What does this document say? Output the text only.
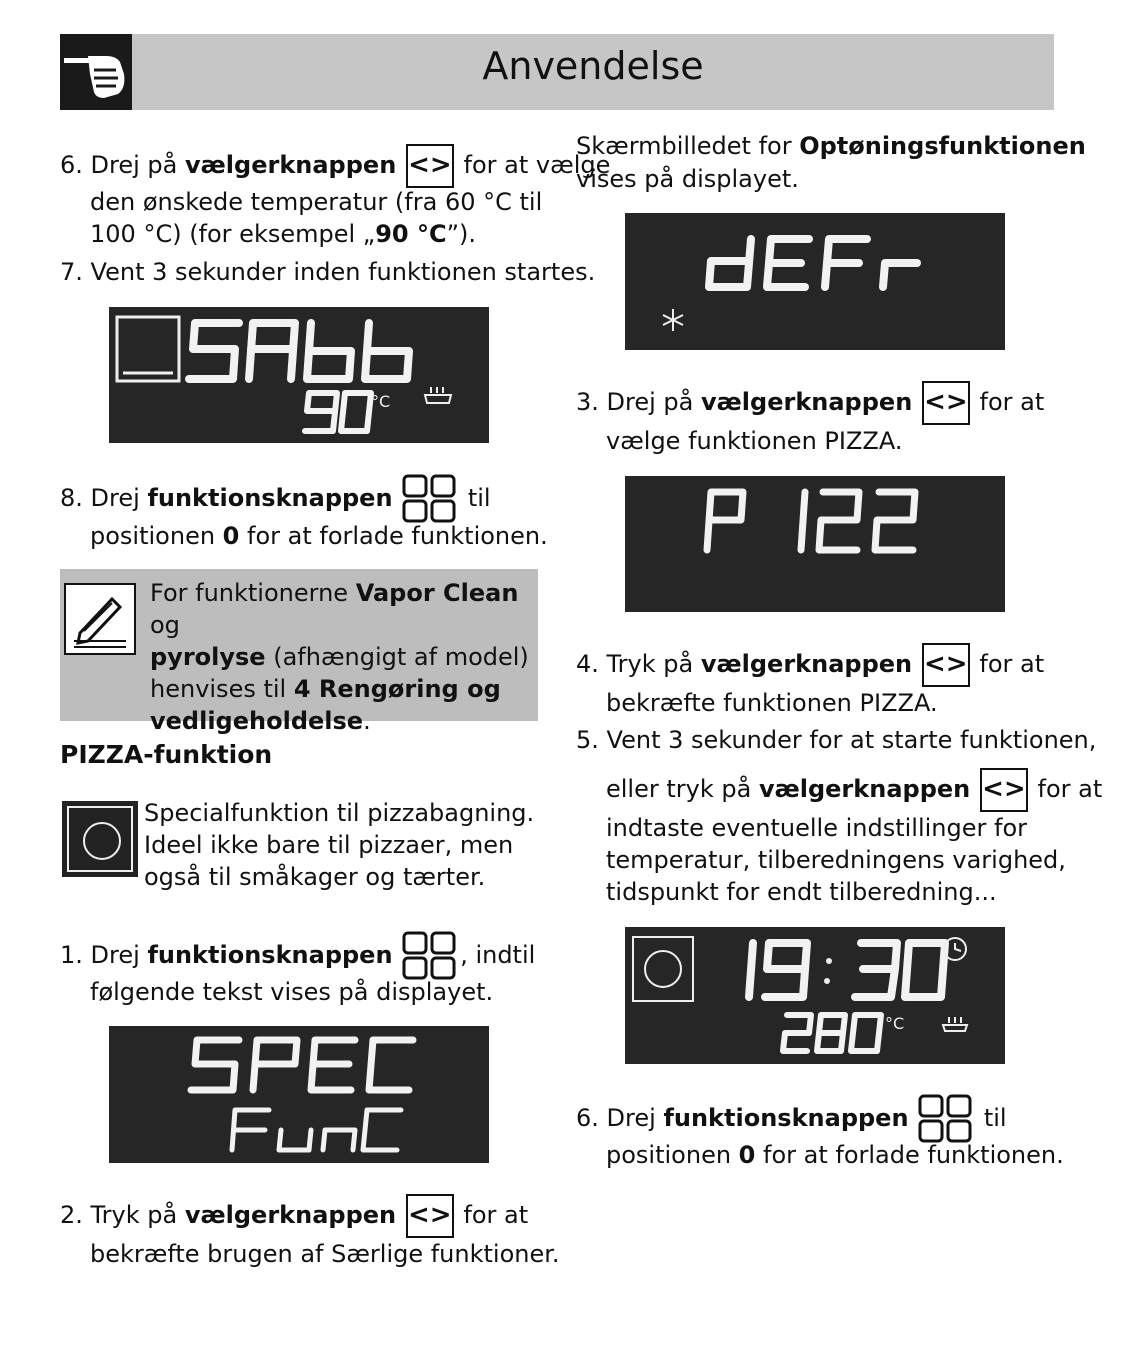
Anvendelse
6. Drej på vælgerknappen <> for at vælge
den ønskede temperatur (fra 60 °C til
100 °C) (for eksempel „90 °C”).
7. Vent 3 sekunder inden funktionen startes.
°C
8. Drej funktionsknappen	til
positionen 0 for at forlade funktionen.
For funktionerne Vapor Clean og
pyrolyse (afhængigt af model)
henvises til 4 Rengøring og
vedligeholdelse.
PIZZA-funktion
Specialfunktion til pizzabagning.
Ideel ikke bare til pizzaer, men
også til småkager og tærter.
1. Drej funktionsknappen	, indtil
følgende tekst vises på displayet.
2. Tryk på vælgerknappen <> for at
bekræfte brugen af Særlige funktioner.
Skærmbilledet for Optøningsfunktionen
vises på displayet.
3. Drej på vælgerknappen <> for at
vælge funktionen PIZZA.
4. Tryk på vælgerknappen <> for at
bekræfte funktionen PIZZA.
5. Vent 3 sekunder for at starte funktionen,
eller tryk på vælgerknappen <> for at
indtaste eventuelle indstillinger for
temperatur, tilberedningens varighed,
tidspunkt for endt tilberedning...
°C
6. Drej funktionsknappen	til
positionen 0 for at forlade funktionen.
